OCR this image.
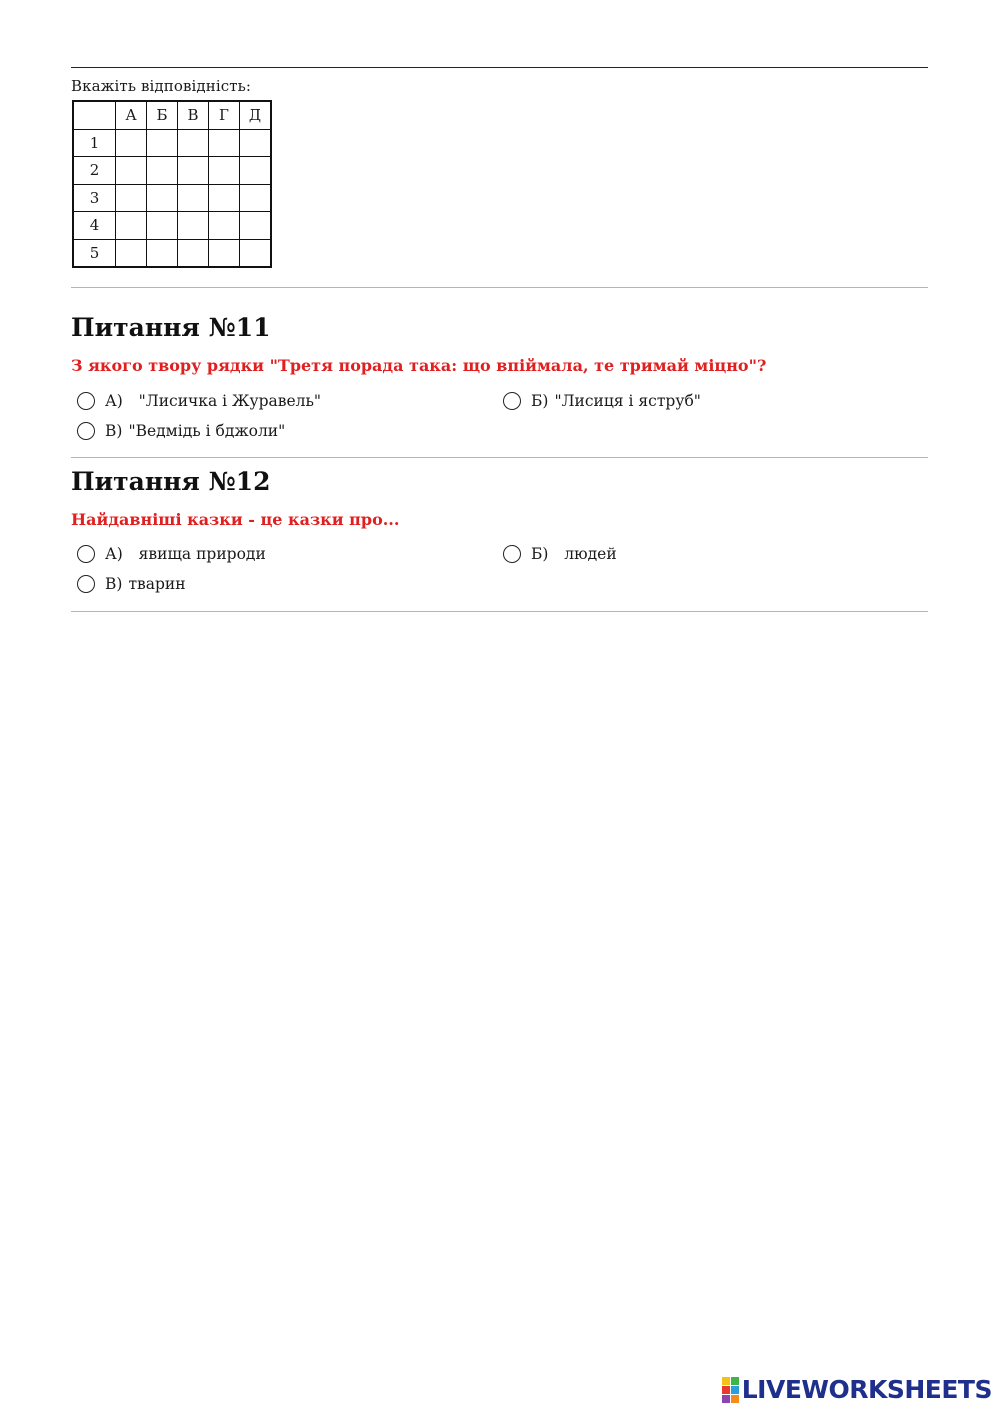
Вкажіть відповідність:
	А	Б	В	Г	Д
1					
2					
3					
4					
5					
Питання №11
З якого твору рядки "Третя порада така: що впіймала, те тримай міцно"?
А) "Лисичка і Журавель"	Б) "Лисиця і яструб"
В) "Ведмідь і бджоли"
Питання №12
Найдавніші казки - це казки про...
А) явища природи	Б) людей
В) тварин
LIVEWORKSHEETS
